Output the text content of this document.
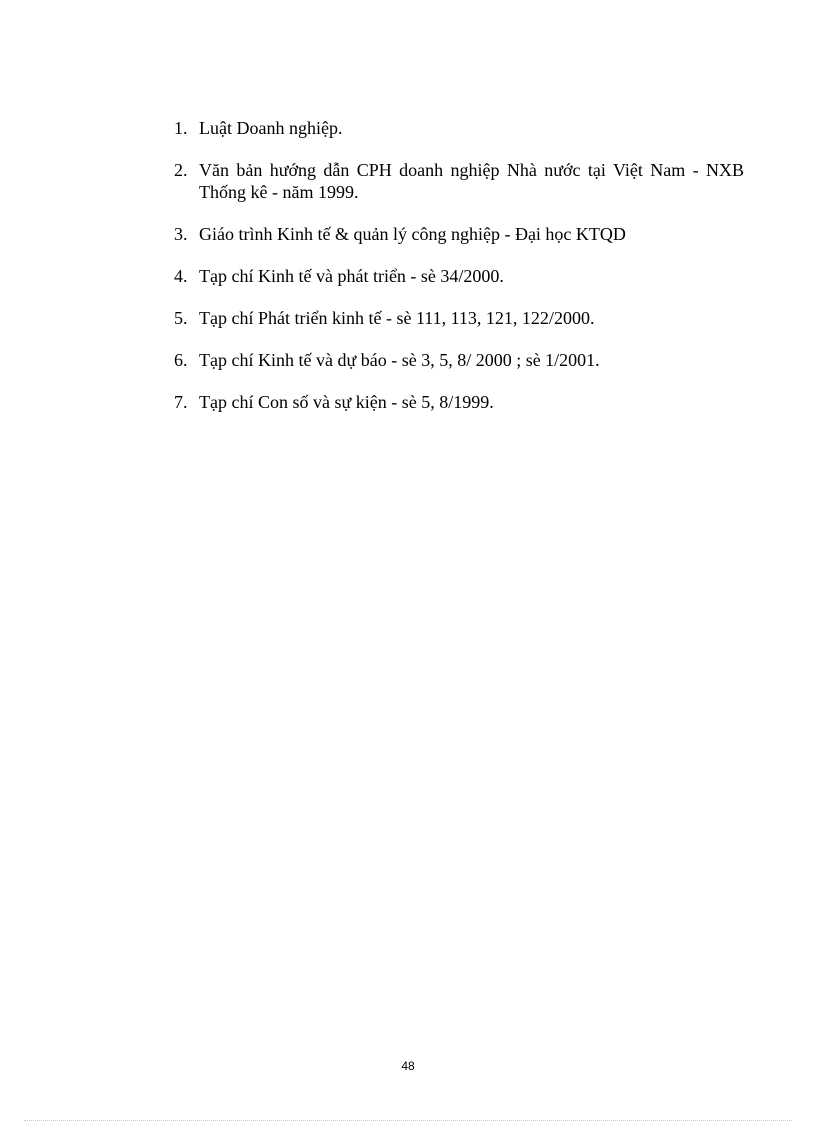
1. Luật Doanh nghiệp.
2. Văn bản hướng dẫn CPH doanh nghiệp Nhà nước tại Việt Nam - NXB Thống kê - năm 1999.
3. Giáo trình Kinh tế & quản lý công nghiệp - Đại học KTQD
4. Tạp chí Kinh tế và phát triển - sè 34/2000.
5. Tạp chí Phát triển kinh tế - sè 111, 113, 121, 122/2000.
6. Tạp chí Kinh tế và dự báo - sè 3, 5, 8/ 2000 ; sè 1/2001.
7. Tạp chí Con số và sự kiện - sè 5, 8/1999.
48
